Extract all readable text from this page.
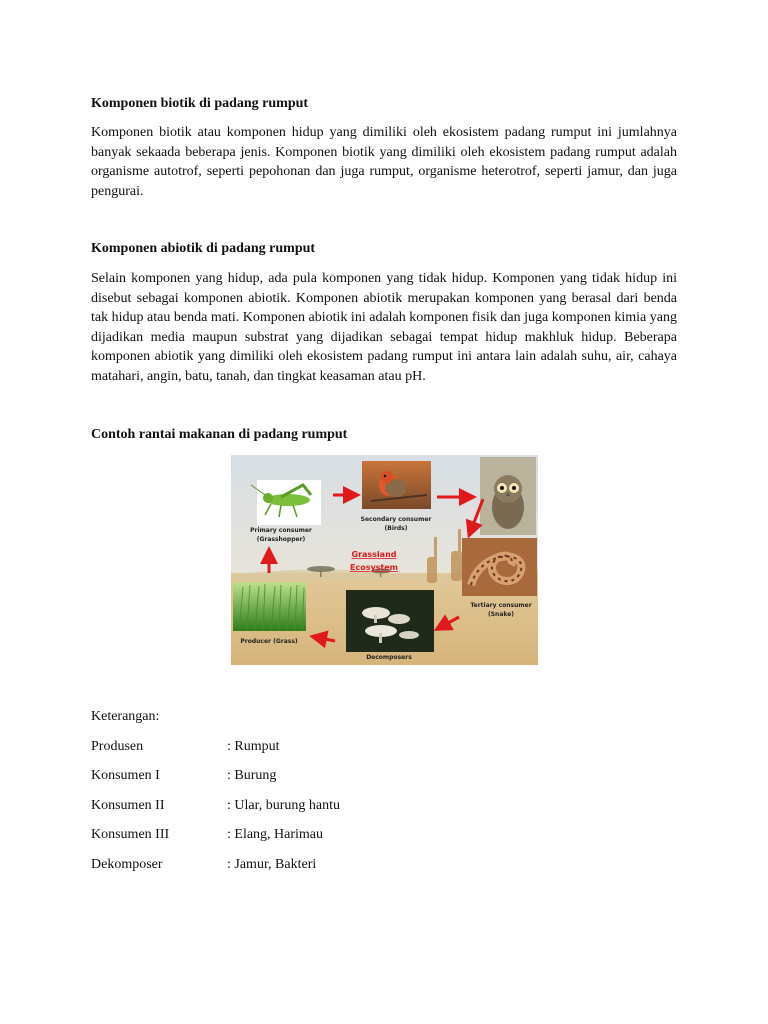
Komponen biotik di padang rumput
Komponen biotik atau komponen hidup yang dimiliki oleh ekosistem padang rumput ini jumlahnya banyak sekaada beberapa jenis. Komponen biotik yang dimiliki oleh ekosistem padang rumput adalah organisme autotrof, seperti pepohonan dan juga rumput, organisme heterotrof, seperti jamur, dan juga pengurai.
Komponen abiotik di padang rumput
Selain komponen yang hidup, ada pula komponen yang tidak hidup. Komponen yang tidak hidup ini disebut sebagai komponen abiotik. Komponen abiotik merupakan komponen yang berasal dari benda tak hidup atau benda mati. Komponen abiotik ini adalah komponen fisik dan juga komponen kimia yang dijadikan media maupun substrat yang dijadikan sebagai tempat hidup makhluk hidup. Beberapa komponen abiotik yang dimiliki oleh ekosistem padang rumput ini antara lain adalah suhu, air, cahaya matahari, angin, batu, tanah, dan tingkat keasaman atau pH.
Contoh rantai makanan di padang rumput
Primary consumer
(Grasshopper)
Secondary consumer
(Birds)
Tertiary consumer
(Snake)
Producer (Grass)
Decomposers
Grassland
Ecosystem
Keterangan:
Produsen	: Rumput
Konsumen I	: Burung
Konsumen II	: Ular, burung hantu
Konsumen III	: Elang, Harimau
Dekomposer	: Jamur, Bakteri
